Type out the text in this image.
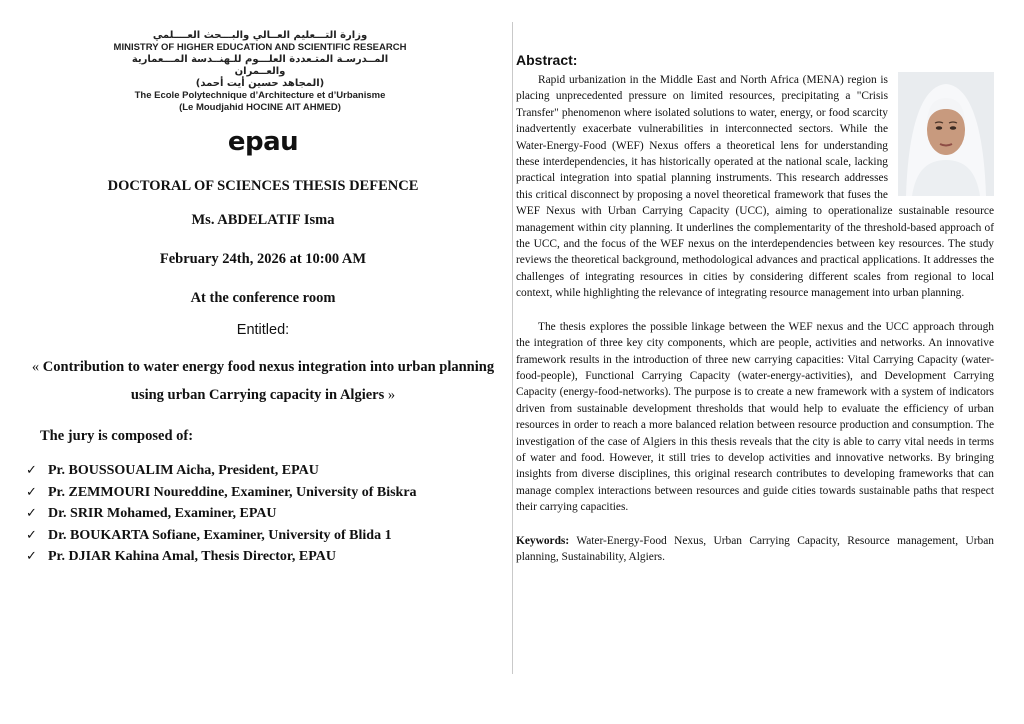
وزارة التـــعليم العــالي والبـــحث العــــلمي
MINISTRY OF HIGHER EDUCATION AND SCIENTIFIC RESEARCH
المــدرسـة المتـعددة العلـــوم للـهنــدسة المـــعمارية والعــمران
(المجاهد حسين أيت أحمد)
The Ecole Polytechnique d’Architecture et d’Urbanisme
(Le Moudjahid HOCINE AIT AHMED)
epau
DOCTORAL OF SCIENCES THESIS DEFENCE
Ms. ABDELATIF Isma
February 24th, 2026 at 10:00 AM
At the conference room
Entitled:
« Contribution to water energy food nexus integration into urban planning using urban Carrying capacity in Algiers »
The jury is composed of:
✓ Pr. BOUSSOUALIM Aicha, President, EPAU
✓ Pr. ZEMMOURI Noureddine, Examiner, University of Biskra
✓ Dr. SRIR Mohamed, Examiner, EPAU
✓ Dr. BOUKARTA Sofiane, Examiner, University of Blida 1
✓ Pr. DJIAR Kahina Amal, Thesis Director, EPAU
Abstract:

Rapid urbanization in the Middle East and North Africa (MENA) region is placing unprecedented pressure on limited resources, precipitating a "Crisis Transfer" phenomenon where isolated solutions to water, energy, or food scarcity inadvertently exacerbate vulnerabilities in interconnected sectors. While the Water-Energy-Food (WEF) Nexus offers a theoretical lens for understanding these interdependencies, it has historically operated at the national scale, lacking practical integration into spatial planning instruments. This research addresses this critical disconnect by proposing a novel theoretical framework that fuses the WEF Nexus with Urban Carrying Capacity (UCC), aiming to operationalize sustainable resource management within city planning. It underlines the complementarity of the threshold-based approach of the UCC, and the focus of the WEF nexus on the interdependencies between key resources. The study reviews the theoretical background, methodological advances and practical applications. It addresses the challenges of integrating resources in cities by considering different scales from regional to local context, while highlighting the relevance of integrating resource management into urban planning.

The thesis explores the possible linkage between the WEF nexus and the UCC approach through the integration of three key city components, which are people, activities and networks. An innovative framework results in the introduction of three new carrying capacities: Vital Carrying Capacity (water-food-people), Functional Carrying Capacity (water-energy-activities), and Development Carrying Capacity (energy-food-networks). The purpose is to create a new framework with a system of indicators driven from sustainable development thresholds that would help to evaluate the efficiency of urban resources in order to reach a more balanced relation between resource production and consumption. The investigation of the case of Algiers in this thesis reveals that the city is able to carry vital needs in terms of water and food. However, it still tries to develop activities and innovative networks. By bringing insights from diverse disciplines, this original research contributes to developing frameworks that can manage complex interactions between resources and guide cities towards sustainable paths that respect their carrying capacities.

Keywords: Water-Energy-Food Nexus, Urban Carrying Capacity, Resource management, Urban planning, Sustainability, Algiers.
